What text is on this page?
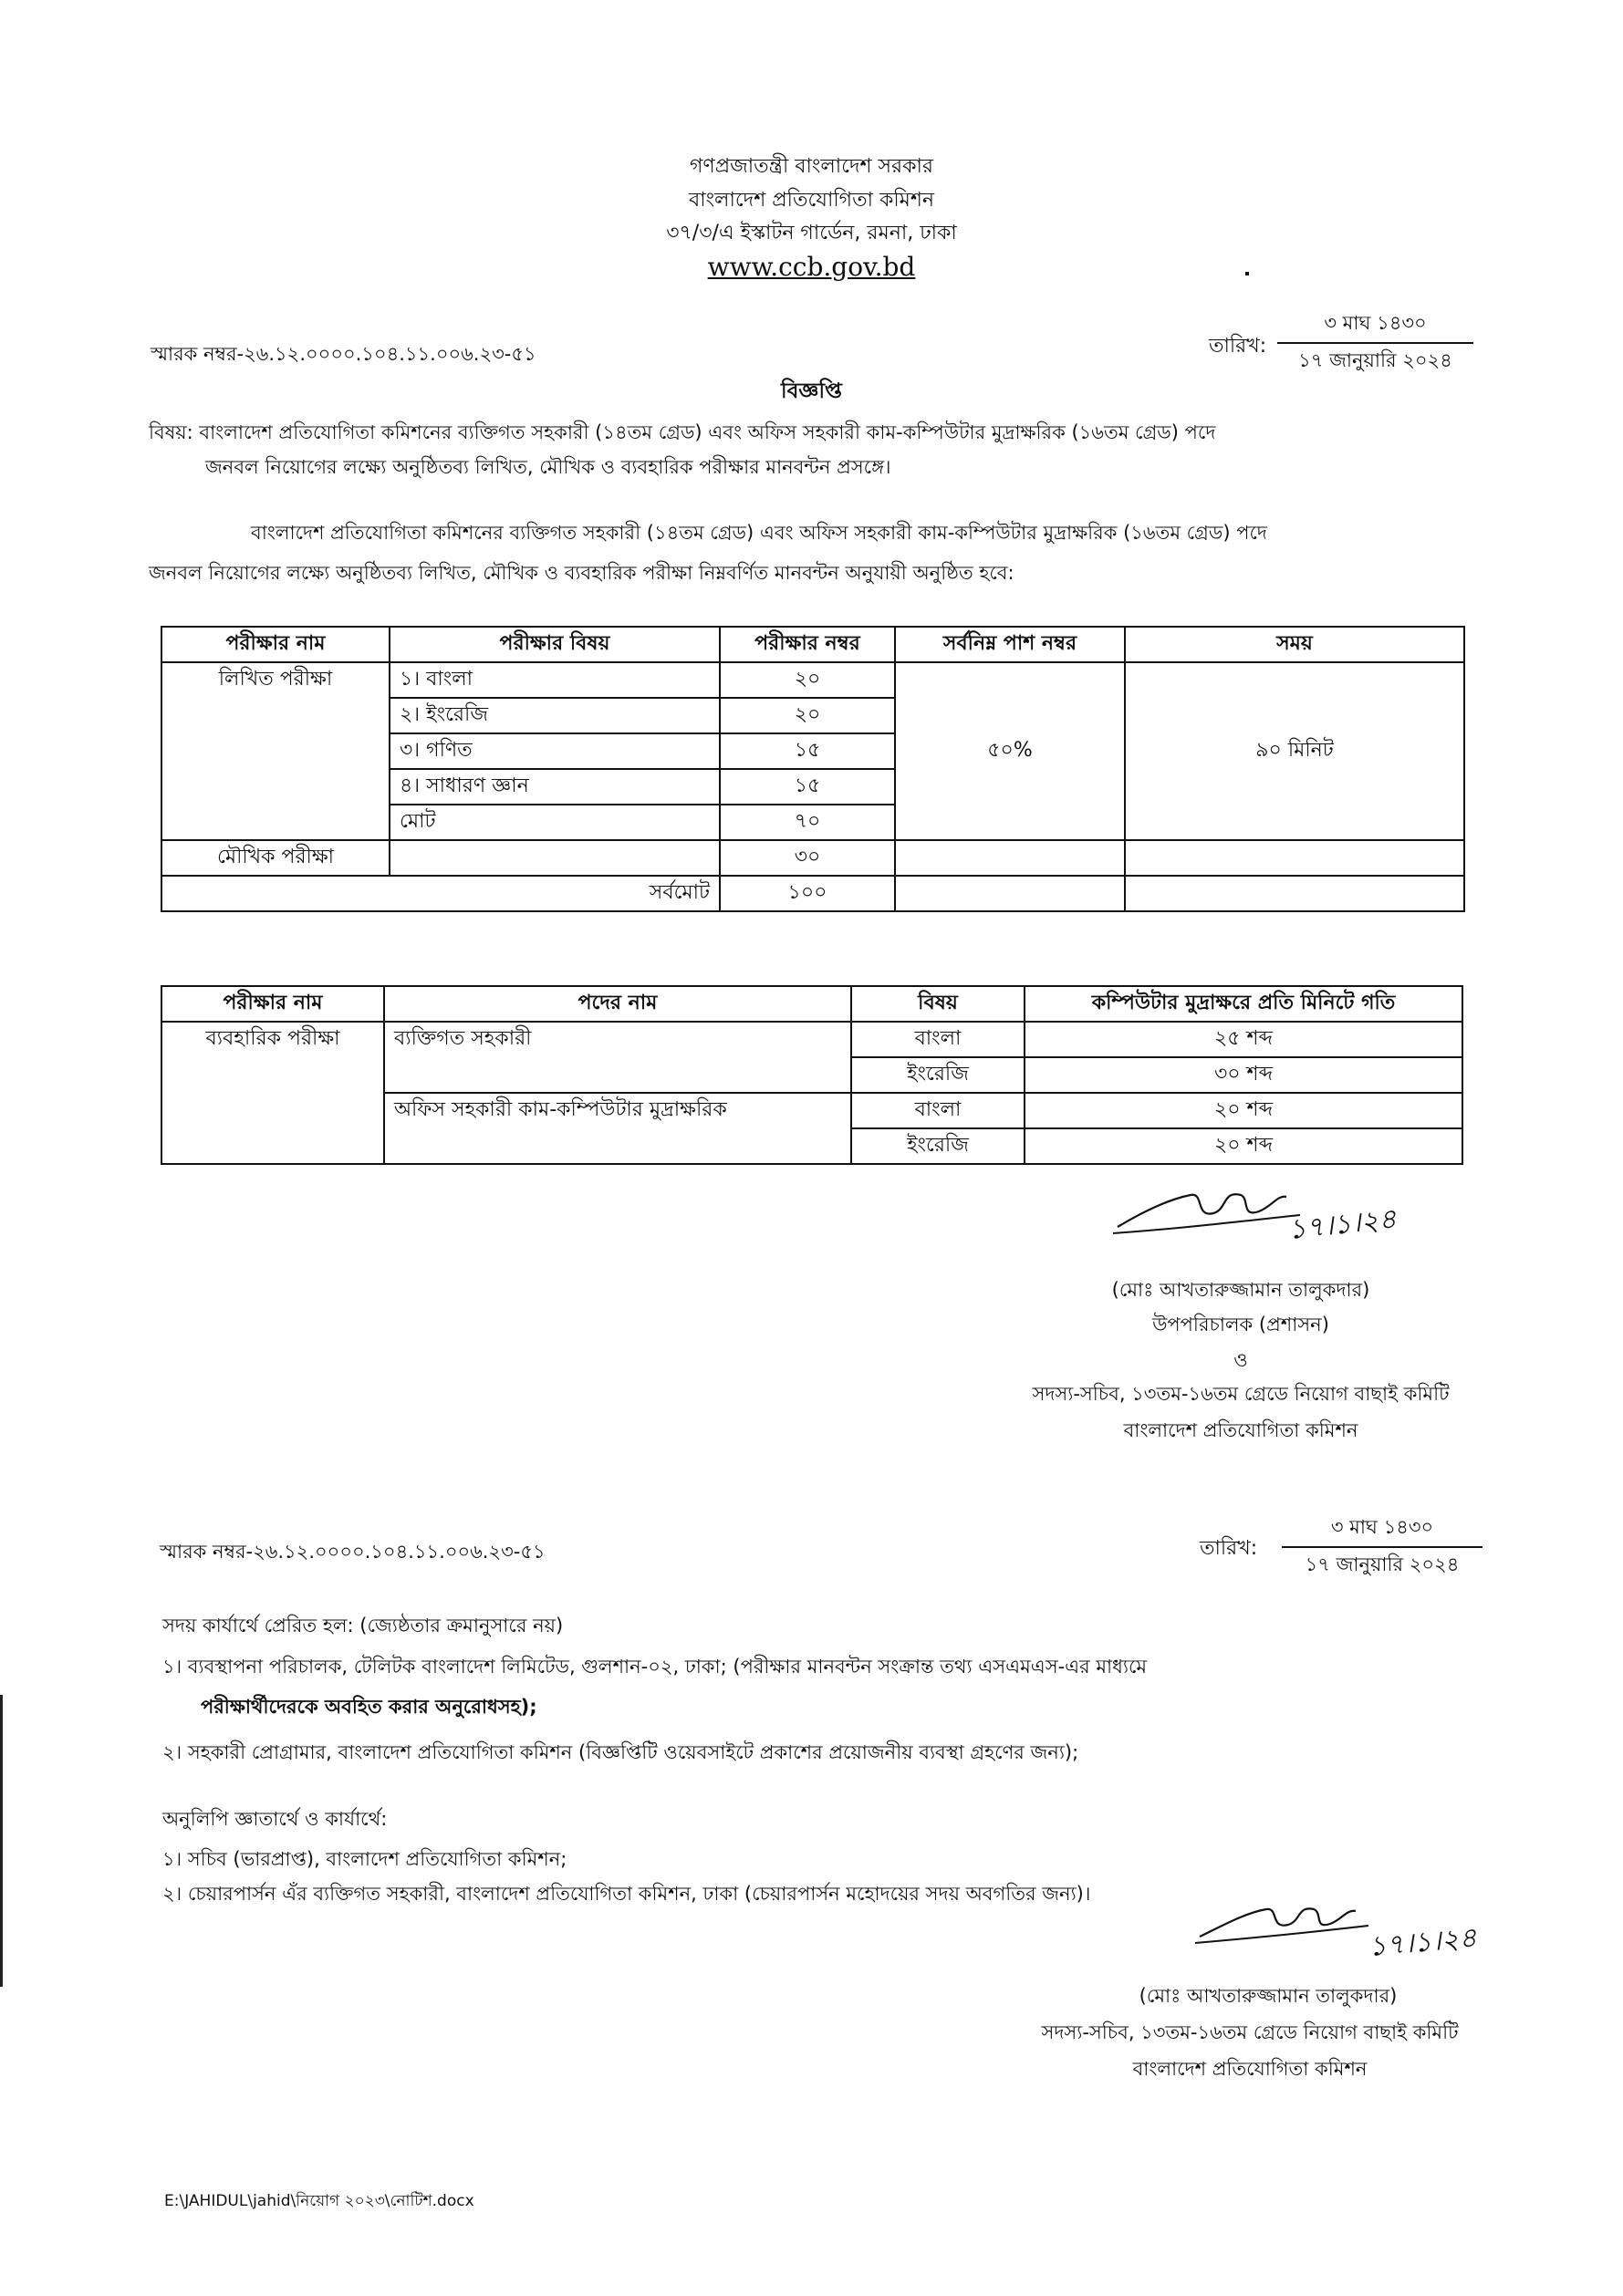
গণপ্রজাতন্ত্রী বাংলাদেশ সরকার
বাংলাদেশ প্রতিযোগিতা কমিশন
৩৭/৩/এ ইস্কাটন গার্ডেন, রমনা, ঢাকা
www.ccb.gov.bd
স্মারক নম্বর-২৬.১২.০০০০.১০৪.১১.০০৬.২৩-৫১	তারিখ:
৩ মাঘ ১৪৩০
১৭ জানুয়ারি ২০২৪
বিজ্ঞপ্তি
বিষয়: বাংলাদেশ প্রতিযোগিতা কমিশনের ব্যক্তিগত সহকারী (১৪তম গ্রেড) এবং অফিস সহকারী কাম-কম্পিউটার মুদ্রাক্ষরিক (১৬তম গ্রেড) পদে
জনবল নিয়োগের লক্ষ্যে অনুষ্ঠিতব্য লিখিত, মৌখিক ও ব্যবহারিক পরীক্ষার মানবন্টন প্রসঙ্গে।
বাংলাদেশ প্রতিযোগিতা কমিশনের ব্যক্তিগত সহকারী (১৪তম গ্রেড) এবং অফিস সহকারী কাম-কম্পিউটার মুদ্রাক্ষরিক (১৬তম গ্রেড) পদে
জনবল নিয়োগের লক্ষ্যে অনুষ্ঠিতব্য লিখিত, মৌখিক ও ব্যবহারিক পরীক্ষা নিম্নবর্ণিত মানবন্টন অনুযায়ী অনুষ্ঠিত হবে:
পরীক্ষার নাম	পরীক্ষার বিষয়	পরীক্ষার নম্বর	সর্বনিম্ন পাশ নম্বর	সময়
লিখিত পরীক্ষা	১। বাংলা	২০	৫০%	৯০ মিনিট
	২। ইংরেজি	২০		
	৩। গণিত	১৫		
	৪। সাধারণ জ্ঞান	১৫		
	মোট	৭০		
মৌখিক পরীক্ষা		৩০		
	সর্বমোট	১০০		
পরীক্ষার নাম	পদের নাম	বিষয়	কম্পিউটার মুদ্রাক্ষরে প্রতি মিনিটে গতি
ব্যবহারিক পরীক্ষা	ব্যক্তিগত সহকারী	বাংলা	২৫ শব্দ
		ইংরেজি	৩০ শব্দ
	অফিস সহকারী কাম-কম্পিউটার মুদ্রাক্ষরিক	বাংলা	২০ শব্দ
		ইংরেজি	২০ শব্দ
১৭।১।২৪
(মোঃ আখতারুজ্জামান তালুকদার)
উপপরিচালক (প্রশাসন)
ও
সদস্য-সচিব, ১৩তম-১৬তম গ্রেডে নিয়োগ বাছাই কমিটি
বাংলাদেশ প্রতিযোগিতা কমিশন
স্মারক নম্বর-২৬.১২.০০০০.১০৪.১১.০০৬.২৩-৫১	তারিখ:
৩ মাঘ ১৪৩০
১৭ জানুয়ারি ২০২৪
সদয় কার্যার্থে প্রেরিত হল: (জ্যেষ্ঠতার ক্রমানুসারে নয়)
১। ব্যবস্থাপনা পরিচালক, টেলিটক বাংলাদেশ লিমিটেড, গুলশান-০২, ঢাকা; (পরীক্ষার মানবন্টন সংক্রান্ত তথ্য এসএমএস-এর মাধ্যমে
পরীক্ষার্থীদেরকে অবহিত করার অনুরোধসহ);
২। সহকারী প্রোগ্রামার, বাংলাদেশ প্রতিযোগিতা কমিশন (বিজ্ঞপ্তিটি ওয়েবসাইটে প্রকাশের প্রয়োজনীয় ব্যবস্থা গ্রহণের জন্য);
অনুলিপি জ্ঞাতার্থে ও কার্যার্থে:
১। সচিব (ভারপ্রাপ্ত), বাংলাদেশ প্রতিযোগিতা কমিশন;
২। চেয়ারপার্সন এঁর ব্যক্তিগত সহকারী, বাংলাদেশ প্রতিযোগিতা কমিশন, ঢাকা (চেয়ারপার্সন মহোদয়ের সদয় অবগতির জন্য)।
১৭।১।২৪
(মোঃ আখতারুজ্জামান তালুকদার)
সদস্য-সচিব, ১৩তম-১৬তম গ্রেডে নিয়োগ বাছাই কমিটি
বাংলাদেশ প্রতিযোগিতা কমিশন
E:\JAHIDUL\jahid\নিয়োগ ২০২৩\নোটিশ.docx
